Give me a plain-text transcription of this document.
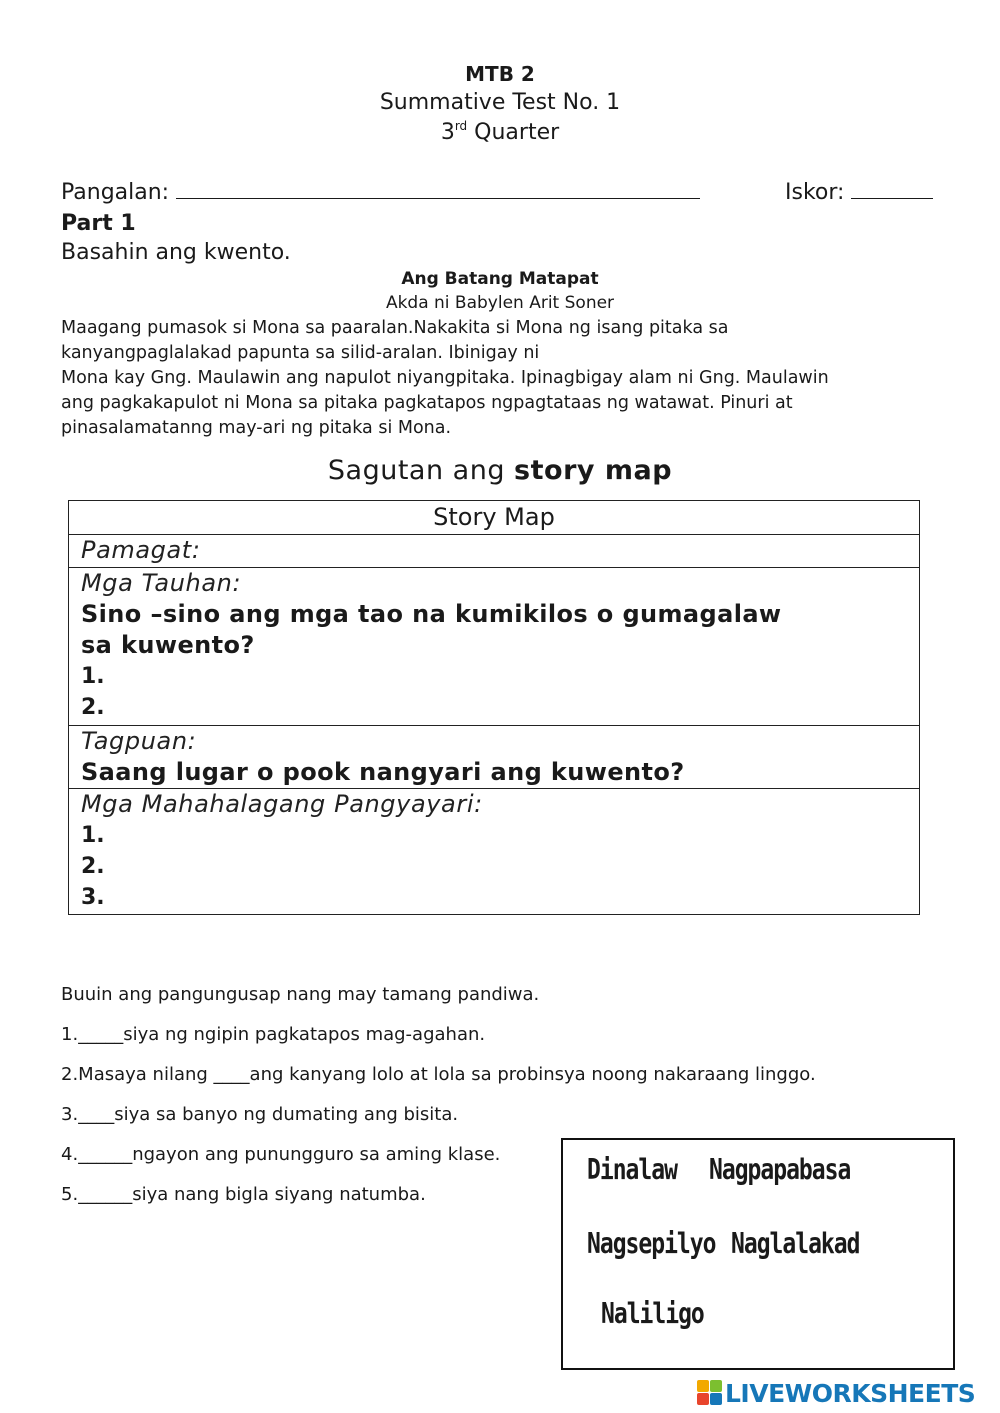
MTB 2
Summative Test No. 1
3rd Quarter
Pangalan:	Iskor:
Part 1
Basahin ang kwento.
Ang Batang Matapat
Akda ni Babylen Arit Soner
Maagang pumasok si Mona sa paaralan.Nakakita si Mona ng isang pitaka sa
kanyangpaglalakad papunta sa silid-aralan. Ibinigay ni
Mona kay Gng. Maulawin ang napulot niyangpitaka. Ipinagbigay alam ni Gng. Maulawin
ang pagkakapulot ni Mona sa pitaka pagkatapos ngpagtataas ng watawat. Pinuri at
pinasalamatanng may-ari ng pitaka si Mona.
Sagutan ang story map
Story Map
Pamagat:
Mga Tauhan:
Sino –sino ang mga tao na kumikilos o gumagalaw
sa kuwento?
1.
2.
Tagpuan:
Saang lugar o pook nangyari ang kuwento?
Mga Mahahalagang Pangyayari:
1.
2.
3.
Buuin ang pangungusap nang may tamang pandiwa.
1._____siya ng ngipin pagkatapos mag-agahan.
2.Masaya nilang ____ang kanyang lolo at lola sa probinsya noong nakaraang linggo.
3.____siya sa banyo ng dumating ang bisita.
4.______ngayon ang punungguro sa aming klase.
5.______siya nang bigla siyang natumba.
Dinalaw Nagpapabasa
Nagsepilyo Naglalakad
Naliligo
LIVEWORKSHEETS
